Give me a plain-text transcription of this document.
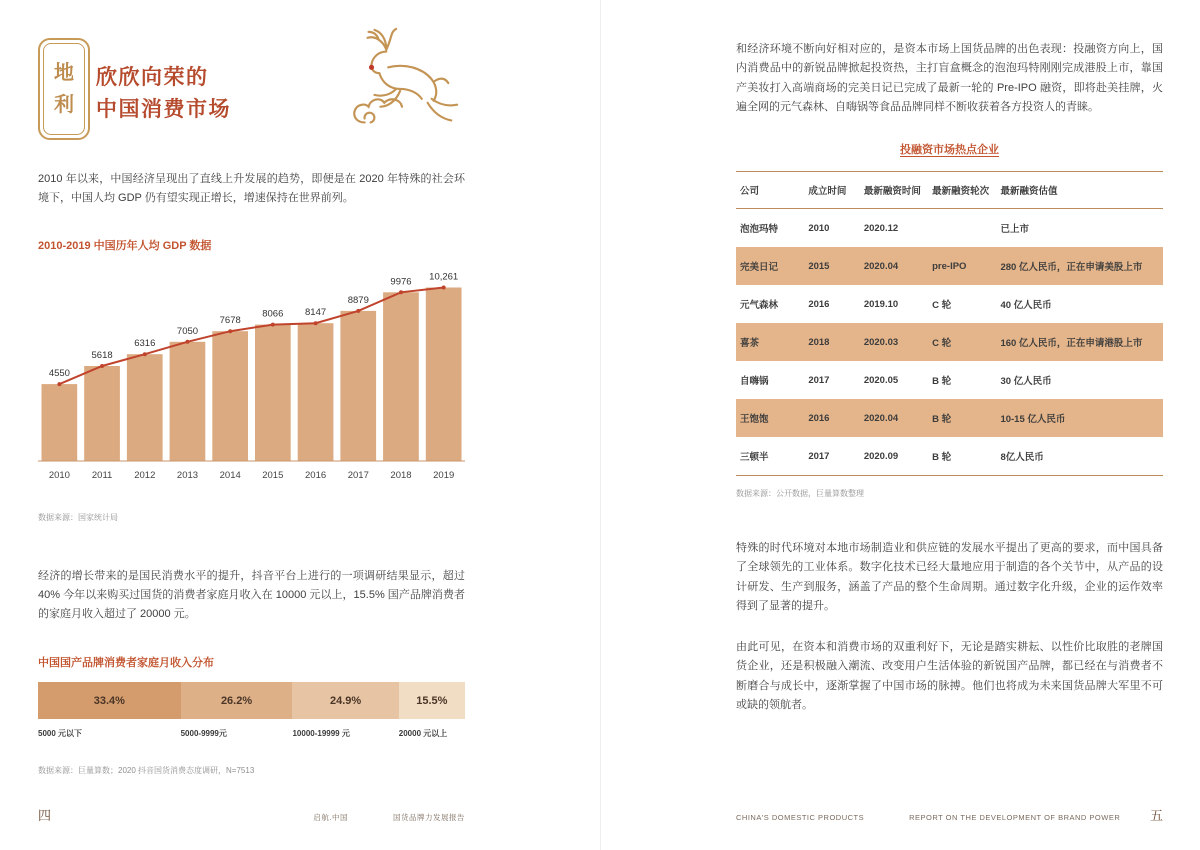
地
利
欣欣向荣的
中国消费市场

2010 年以来，中国经济呈现出了直线上升发展的趋势，即便是在 2020 年特殊的社会环境下，中国人均 GDP 仍有望实现正增长，增速保持在世界前列。

2010-2019 中国历年人均 GDP 数据
4550
5618
6316
7050
7678
8066 8147
8879
9976 10,261
2010 2011 2012 2013 2014 2015 2016 2017 2018 2019

数据来源：国家统计局

经济的增长带来的是国民消费水平的提升，抖音平台上进行的一项调研结果显示，超过 40% 今年以来购买过国货的消费者家庭月收入在 10000 元以上，15.5% 国产品牌消费者的家庭月收入超过了 20000 元。

中国国产品牌消费者家庭月收入分布
33.4%	26.2%	24.9%	15.5%
5000 元以下	5000-9999元	10000-19999 元	20000 元以上

数据来源：巨量算数；2020 抖音国货消费态度调研，N=7513

四	启航.中国	国货品牌力发展报告

和经济环境不断向好相对应的，是资本市场上国货品牌的出色表现：投融资方向上，国内消费品中的新锐品牌掀起投资热，主打盲盒概念的泡泡玛特刚刚完成港股上市，靠国产美妆打入高端商场的完美日记已完成了最新一轮的 Pre-IPO 融资，即将赴美挂牌，火遍全网的元气森林、自嗨锅等食品品牌同样不断收获着各方投资人的青睐。

投融资市场热点企业
公司	成立时间	最新融资时间	最新融资轮次	最新融资估值
泡泡玛特	2010	2020.12		已上市
完美日记	2015	2020.04	pre-IPO	280 亿人民币，正在申请美股上市
元气森林	2016	2019.10	C 轮	40 亿人民币
喜茶	2018	2020.03	C 轮	160 亿人民币，正在申请港股上市
自嗨锅	2017	2020.05	B 轮	30 亿人民币
王饱饱	2016	2020.04	B 轮	10-15 亿人民币
三顿半	2017	2020.09	B 轮	8亿人民币

数据来源：公开数据，巨量算数整理

特殊的时代环境对本地市场制造业和供应链的发展水平提出了更高的要求，而中国具备了全球领先的工业体系。数字化技术已经大量地应用于制造的各个关节中，从产品的设计研发、生产到服务，涵盖了产品的整个生命周期。通过数字化升级，企业的运作效率得到了显著的提升。

由此可见，在资本和消费市场的双重利好下，无论是踏实耕耘、以性价比取胜的老牌国货企业，还是积极融入潮流、改变用户生活体验的新锐国产品牌，都已经在与消费者不断磨合与成长中，逐渐掌握了中国市场的脉搏。他们也将成为未来国货品牌大军里不可或缺的领航者。

CHINA'S DOMESTIC PRODUCTS	REPORT ON THE DEVELOPMENT OF BRAND POWER 五
